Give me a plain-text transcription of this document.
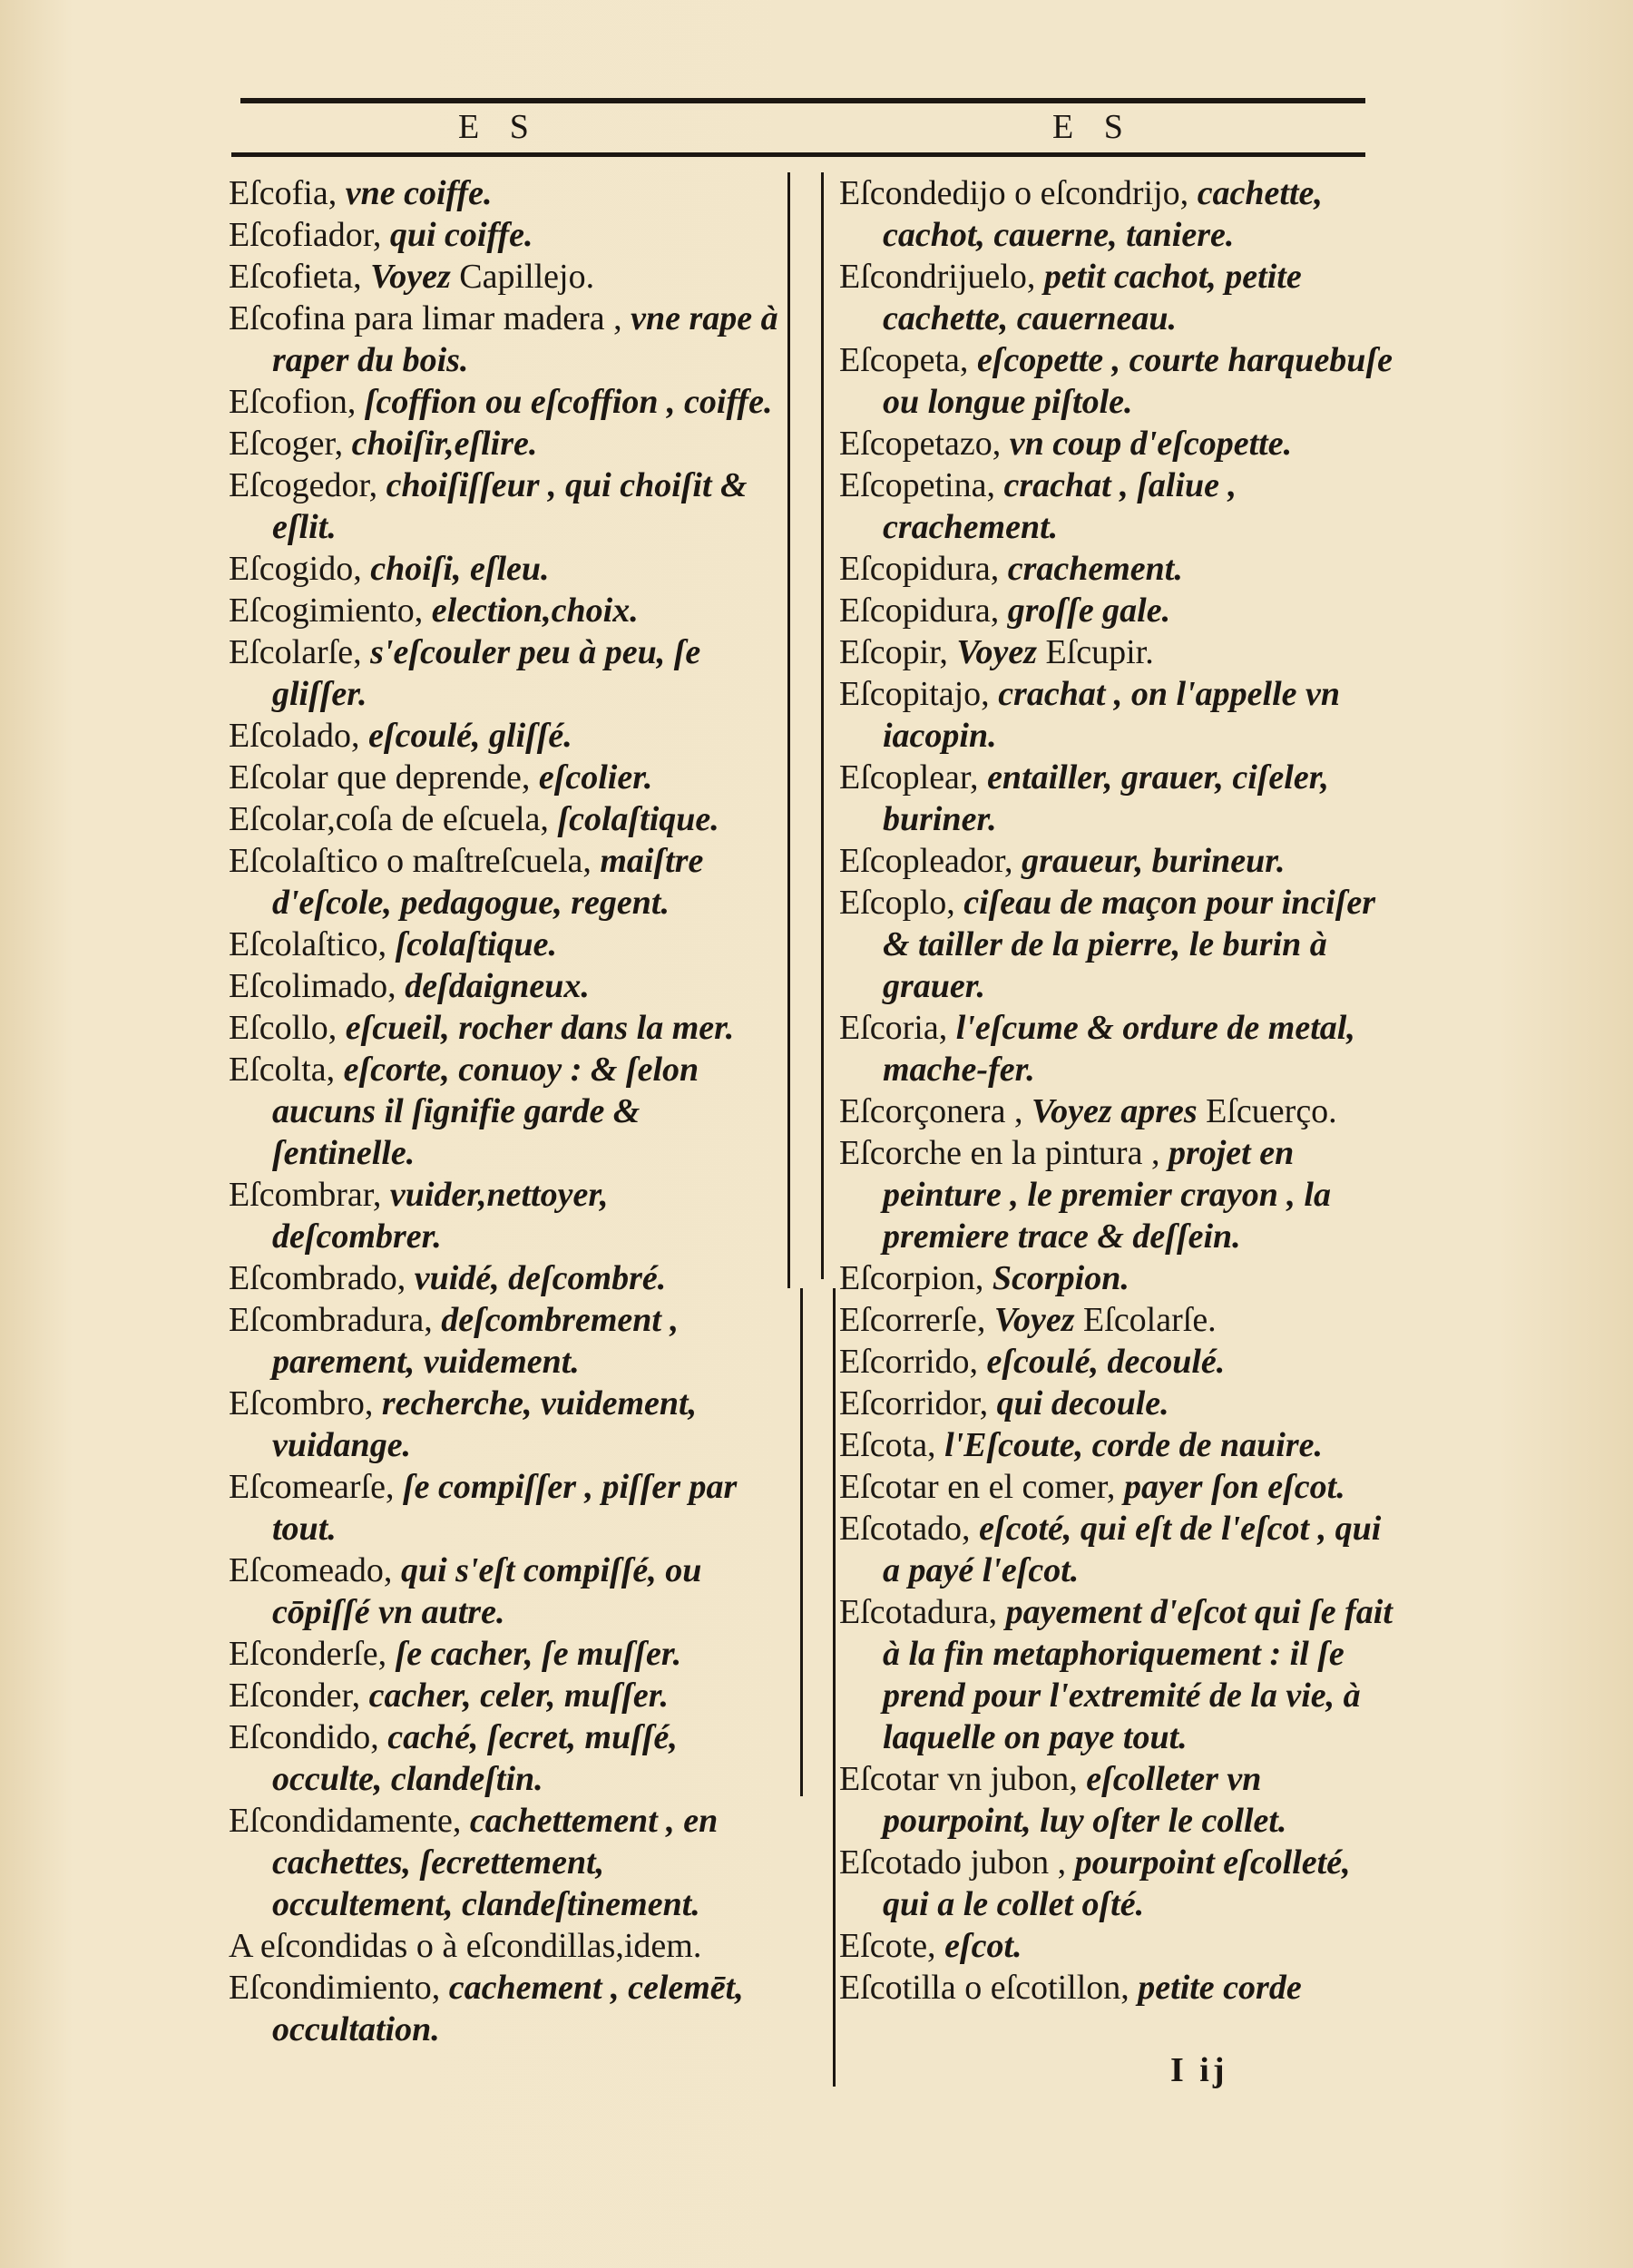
E S	E S

Eſcofia, vne coiffe.

Eſcofiador, qui coiffe.

Eſcofieta, Voyez Capillejo.

Eſcofina para limar madera , vne rape à raper du bois.

Eſcofion, ſcoffion ou eſcoffion , coiffe.

Eſcoger, choiſir,eſlire.

Eſcogedor, choiſiſſeur , qui choiſit & eſlit.

Eſcogido, choiſi, eſleu.

Eſcogimiento, election,choix.

Eſcolarſe, s'eſcouler peu à peu, ſe gliſſer.

Eſcolado, eſcoulé, gliſſé.

Eſcolar que deprende, eſcolier.

Eſcolar,coſa de eſcuela, ſcolaſtique.

Eſcolaſtico o maſtreſcuela, maiſtre d'eſcole, pedagogue, regent.

Eſcolaſtico, ſcolaſtique.

Eſcolimado, deſdaigneux.

Eſcollo, eſcueil, rocher dans la mer.

Eſcolta, eſcorte, conuoy : & ſelon aucuns il ſignifie garde & ſentinelle.

Eſcombrar, vuider,nettoyer, deſcombrer.

Eſcombrado, vuidé, deſcombré.

Eſcombradura, deſcombrement , parement, vuidement.

Eſcombro, recherche, vuidement, vuidange.

Eſcomearſe, ſe compiſſer , piſſer par tout.

Eſcomeado, qui s'eſt compiſſé, ou cōpiſſé vn autre.

Eſconderſe, ſe cacher, ſe muſſer.

Eſconder, cacher, celer, muſſer.

Eſcondido, caché, ſecret, muſſé, occulte, clandeſtin.

Eſcondidamente, cachettement , en cachettes, ſecrettement, occultement, clandeſtinement.

A eſcondidas o à eſcondillas,idem.

Eſcondimiento, cachement , celemēt, occultation.

Eſcondedijo o eſcondrijo, cachette, cachot, cauerne, taniere.

Eſcondrijuelo, petit cachot, petite cachette, cauerneau.

Eſcopeta, eſcopette , courte harquebuſe ou longue piſtole.

Eſcopetazo, vn coup d'eſcopette.

Eſcopetina, crachat , ſaliue , crachement.

Eſcopidura, crachement.

Eſcopidura, groſſe gale.

Eſcopir, Voyez Eſcupir.

Eſcopitajo, crachat , on l'appelle vn iacopin.

Eſcoplear, entailler, grauer, ciſeler, buriner.

Eſcopleador, graueur, burineur.

Eſcoplo, ciſeau de maçon pour inciſer & tailler de la pierre, le burin à grauer.

Eſcoria, l'eſcume & ordure de metal, mache-fer.

Eſcorçonera , Voyez apres Eſcuerço.

Eſcorche en la pintura , projet en peinture , le premier crayon , la premiere trace & deſſein.

Eſcorpion, Scorpion.

Eſcorrerſe, Voyez Eſcolarſe.

Eſcorrido, eſcoulé, decoulé.

Eſcorridor, qui decoule.

Eſcota, l'Eſcoute, corde de nauire.

Eſcotar en el comer, payer ſon eſcot.

Eſcotado, eſcoté, qui eſt de l'eſcot , qui a payé l'eſcot.

Eſcotadura, payement d'eſcot qui ſe fait à la fin metaphoriquement : il ſe prend pour l'extremité de la vie, à laquelle on paye tout.

Eſcotar vn jubon, eſcolleter vn pourpoint, luy oſter le collet.

Eſcotado jubon , pourpoint eſcolleté, qui a le collet oſté.

Eſcote, eſcot.

Eſcotilla o eſcotillon, petite corde

I ij
